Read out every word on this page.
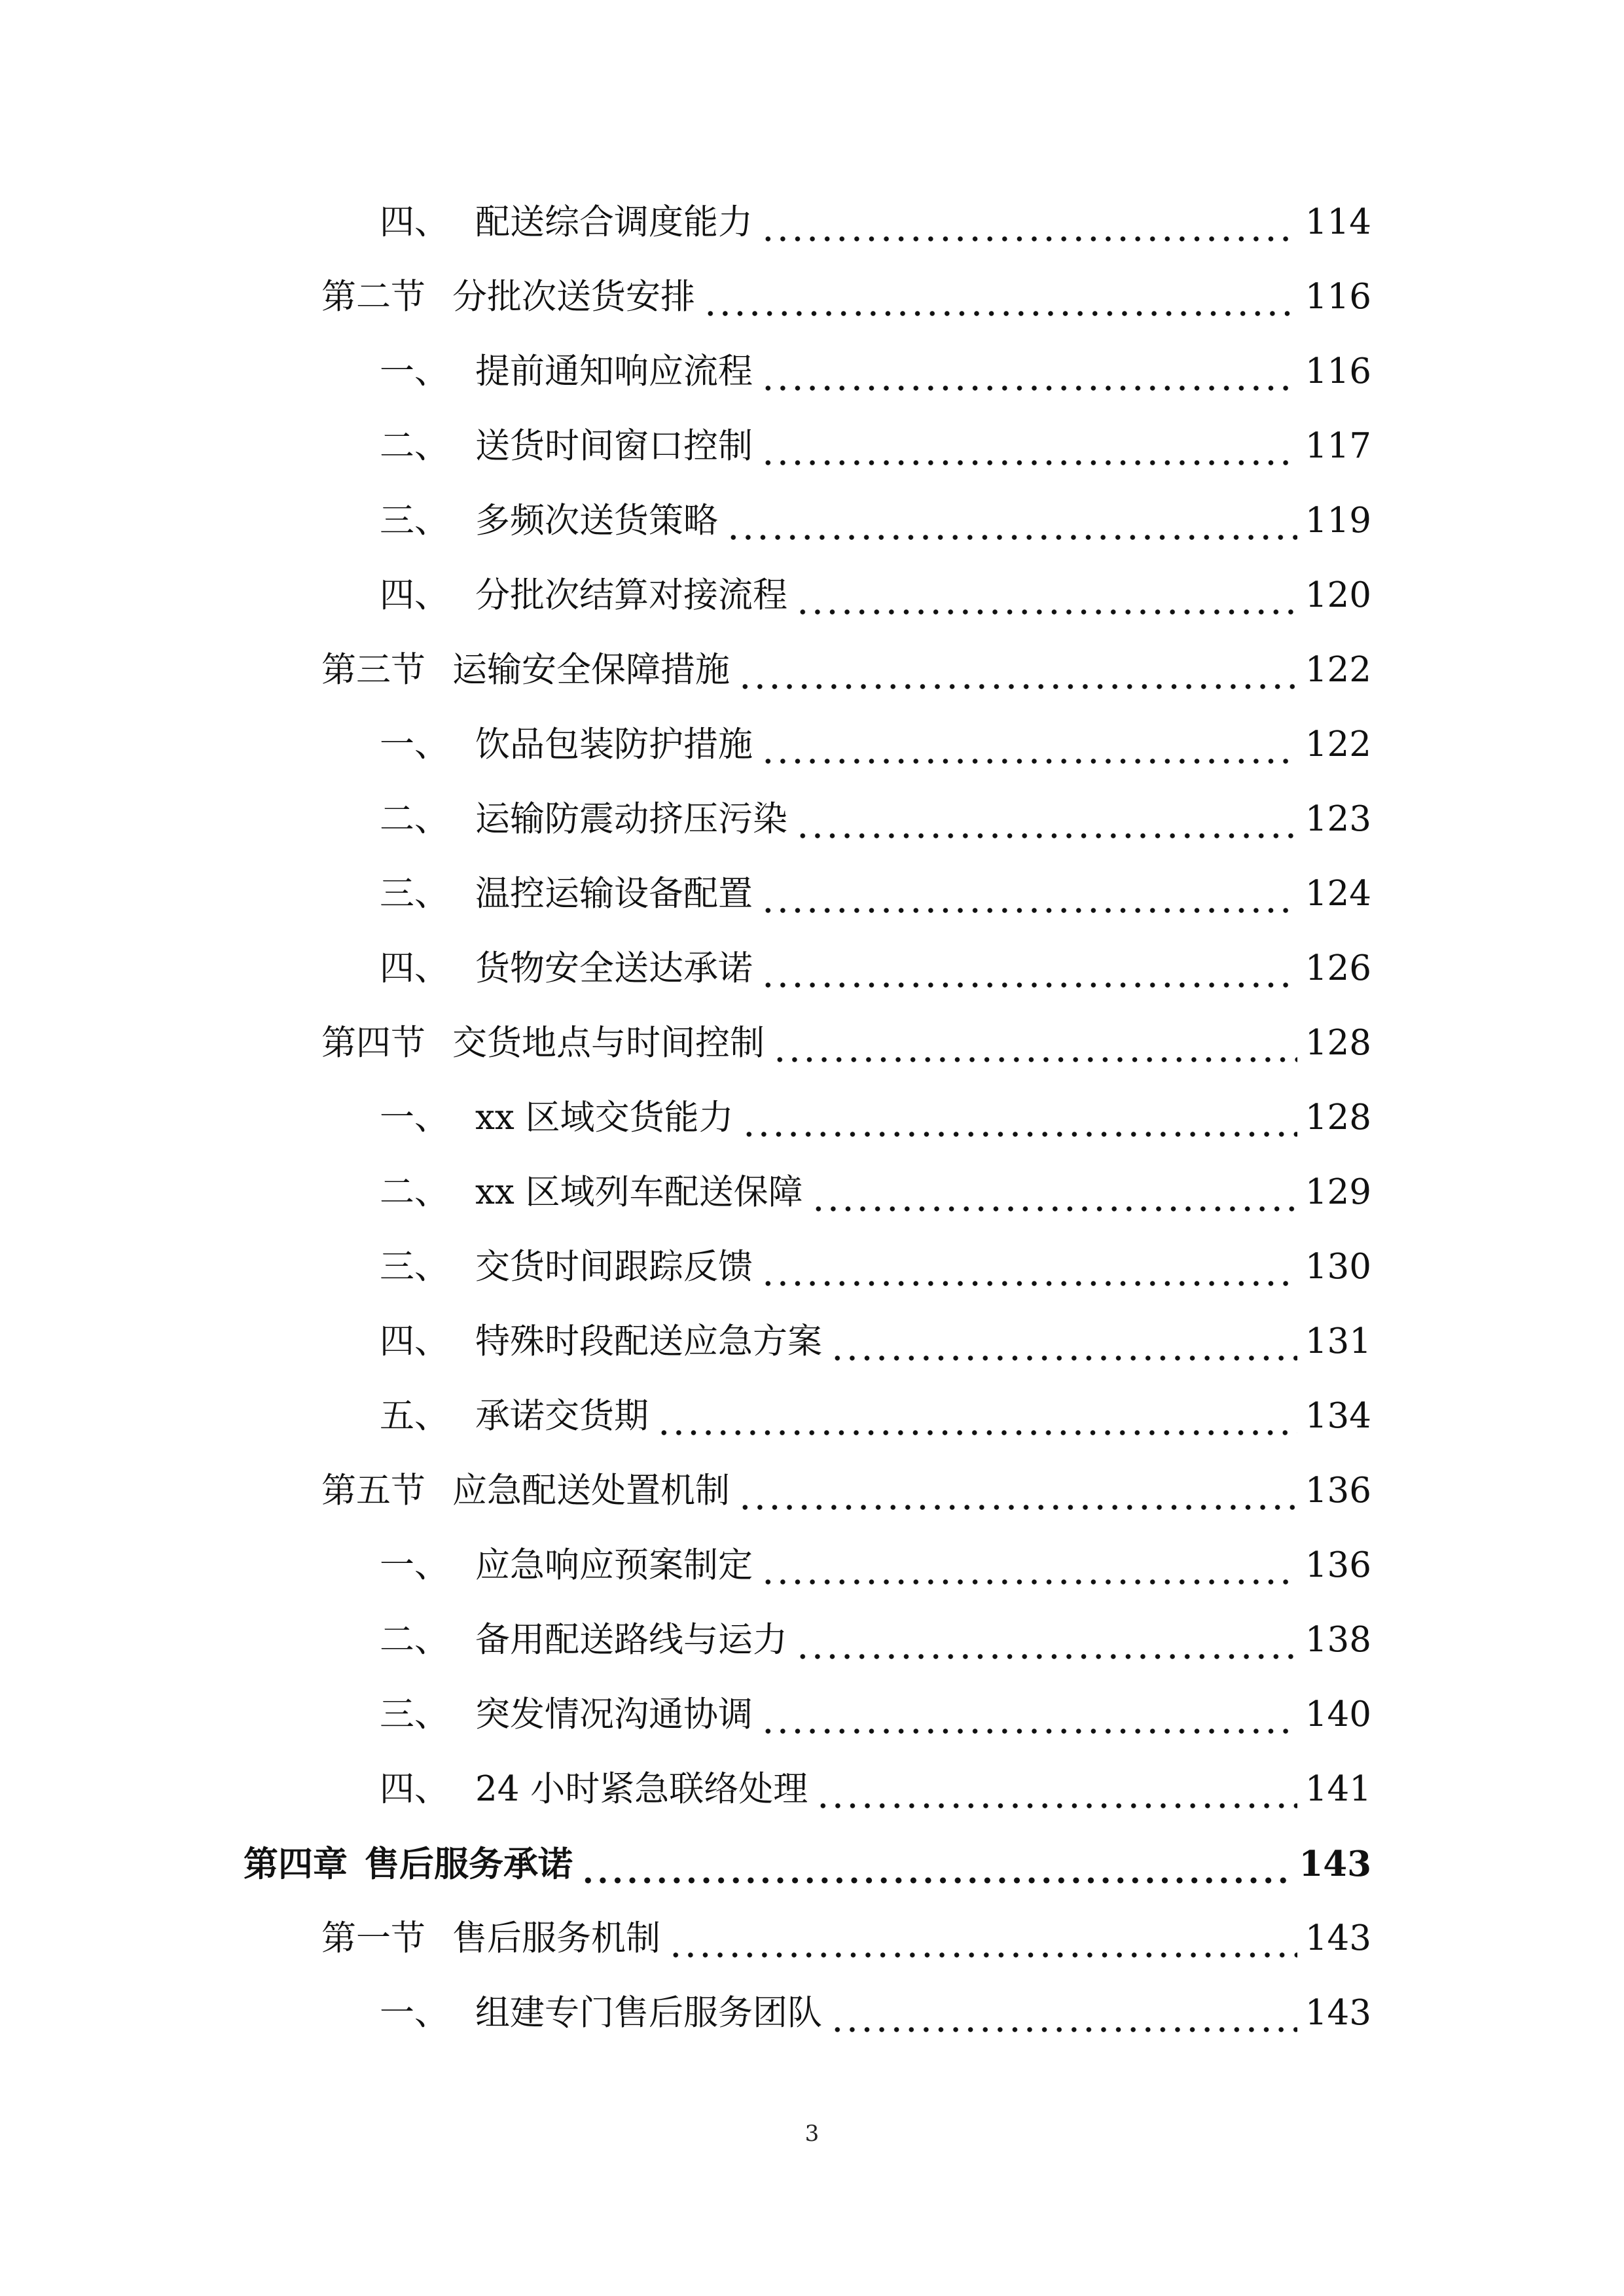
四、 配送综合调度能力	114
第二节 分批次送货安排	116
一、 提前通知响应流程	116
二、 送货时间窗口控制	117
三、 多频次送货策略	119
四、 分批次结算对接流程	120
第三节 运输安全保障措施	122
一、 饮品包装防护措施	122
二、 运输防震动挤压污染	123
三、 温控运输设备配置	124
四、 货物安全送达承诺	126
第四节 交货地点与时间控制	128
一、 xx 区域交货能力	128
二、 xx 区域列车配送保障	129
三、 交货时间跟踪反馈	130
四、 特殊时段配送应急方案	131
五、 承诺交货期	134
第五节 应急配送处置机制	136
一、 应急响应预案制定	136
二、 备用配送路线与运力	138
三、 突发情况沟通协调	140
四、 24 小时紧急联络处理	141
第四章 售后服务承诺	143
第一节 售后服务机制	143
一、 组建专门售后服务团队	143
3
